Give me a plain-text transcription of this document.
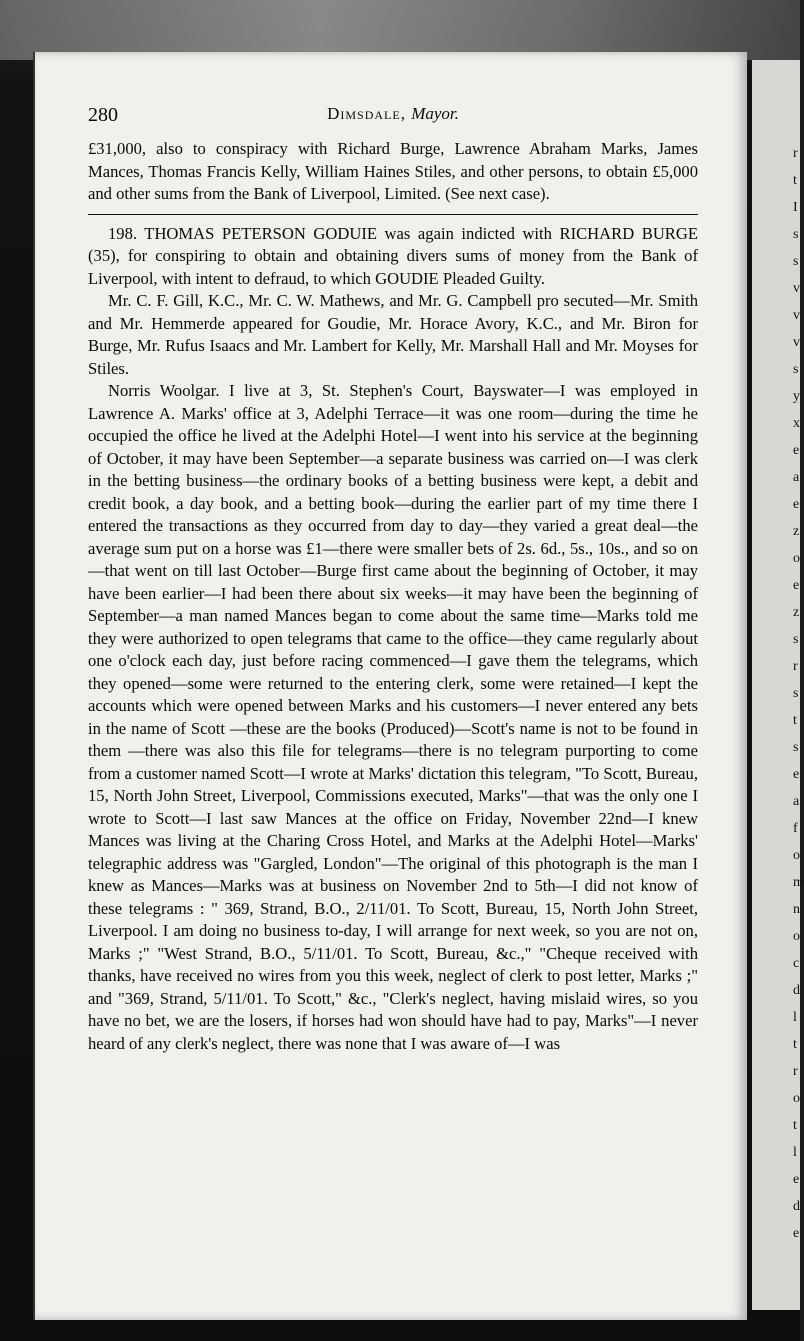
280	Dimsdale, Mayor.

£31,000, also to conspiracy with Richard Burge, Lawrence Abraham Marks, James Mances, Thomas Francis Kelly, William Haines Stiles, and other persons, to obtain £5,000 and other sums from the Bank of Liverpool, Limited. (See next case).

198. THOMAS PETERSON GODUIE was again indicted with RICHARD BURGE (35), for conspiring to obtain and obtaining divers sums of money from the Bank of Liverpool, with intent to defraud, to which GOUDIE Pleaded Guilty.

Mr. C. F. Gill, K.C., Mr. C. W. Mathews, and Mr. G. Campbell pro secuted—Mr. Smith and Mr. Hemmerde appeared for Goudie, Mr. Horace Avory, K.C., and Mr. Biron for Burge, Mr. Rufus Isaacs and Mr. Lambert for Kelly, Mr. Marshall Hall and Mr. Moyses for Stiles.

Norris Woolgar. I live at 3, St. Stephen's Court, Bayswater—I was employed in Lawrence A. Marks' office at 3, Adelphi Terrace—it was one room—during the time he occupied the office he lived at the Adelphi Hotel—I went into his service at the beginning of October, it may have been September—a separate business was carried on—I was clerk in the betting business—the ordinary books of a betting business were kept, a debit and credit book, a day book, and a betting book—during the earlier part of my time there I entered the transactions as they occurred from day to day—they varied a great deal—the average sum put on a horse was £1—there were smaller bets of 2s. 6d., 5s., 10s., and so on—that went on till last October—Burge first came about the beginning of October, it may have been earlier—I had been there about six weeks—it may have been the beginning of September—a man named Mances began to come about the same time—Marks told me they were authorized to open telegrams that came to the office—they came regularly about one o'clock each day, just before racing commenced—I gave them the telegrams, which they opened—some were returned to the entering clerk, some were retained—I kept the accounts which were opened between Marks and his customers—I never entered any bets in the name of Scott —these are the books (Produced)—Scott's name is not to be found in them —there was also this file for telegrams—there is no telegram purporting to come from a customer named Scott—I wrote at Marks' dictation this telegram, "To Scott, Bureau, 15, North John Street, Liverpool, Commissions executed, Marks"—that was the only one I wrote to Scott—I last saw Mances at the office on Friday, November 22nd—I knew Mances was living at the Charing Cross Hotel, and Marks at the Adelphi Hotel—Marks' telegraphic address was "Gargled, London"—The original of this photograph is the man I knew as Mances—Marks was at business on November 2nd to 5th—I did not know of these telegrams : " 369, Strand, B.O., 2/11/01. To Scott, Bureau, 15, North John Street, Liverpool. I am doing no business to-day, I will arrange for next week, so you are not on, Marks ;" "West Strand, B.O., 5/11/01. To Scott, Bureau, &c.," "Cheque received with thanks, have received no wires from you this week, neglect of clerk to post letter, Marks ;" and "369, Strand, 5/11/01. To Scott," &c., "Clerk's neglect, having mislaid wires, so you have no bet, we are the losers, if horses had won should have had to pay, Marks"—I never heard of any clerk's neglect, there was none that I was aware of—I was

r
t
I
s
s
v
v
v
s
y
x
e
a
e
z
o
e
z
s
r
s
t
s
e
a
f
o
m
n
o
c
d
l
t
r
o
t
l
e
d
e
